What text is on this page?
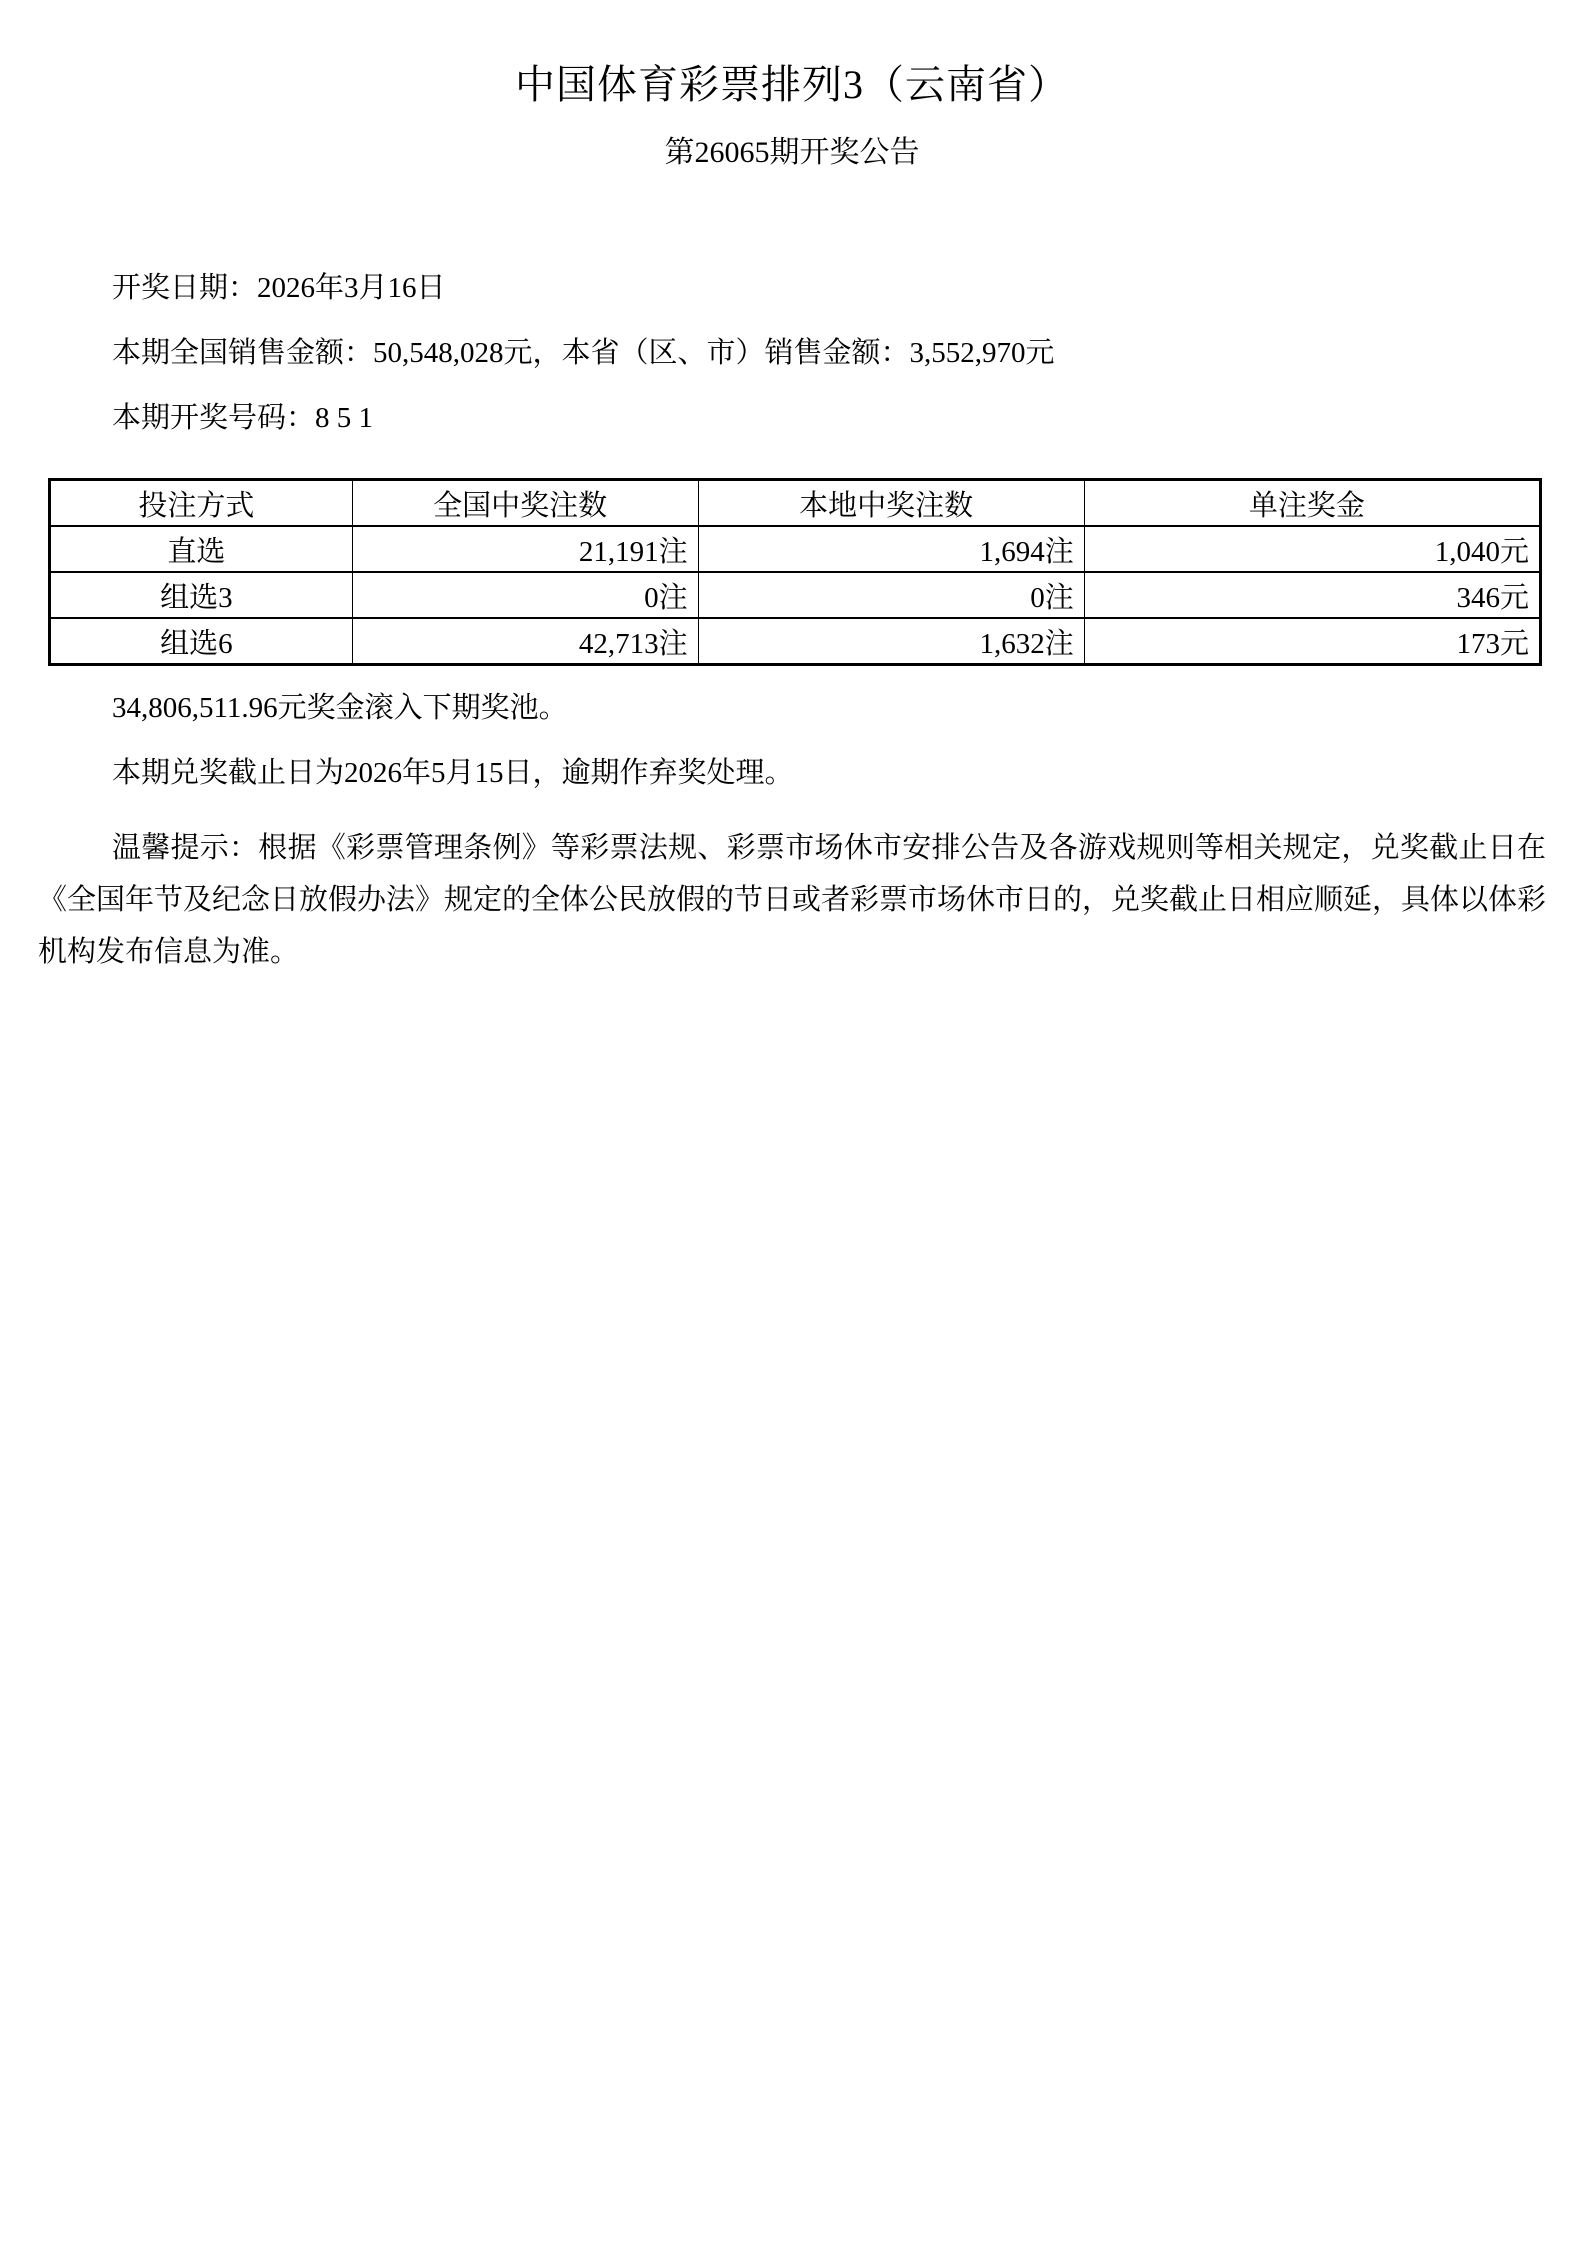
中国体育彩票排列3（云南省）
第26065期开奖公告

开奖日期：2026年3月16日

本期全国销售金额：50,548,028元，本省（区、市）销售金额：3,552,970元

本期开奖号码：8 5 1

投注方式	全国中奖注数	本地中奖注数	单注奖金
直选	21,191注	1,694注	1,040元
组选3	0注	0注	346元
组选6	42,713注	1,632注	173元

34,806,511.96元奖金滚入下期奖池。

本期兑奖截止日为2026年5月15日，逾期作弃奖处理。

温馨提示：根据《彩票管理条例》等彩票法规、彩票市场休市安排公告及各游戏规则等相关规定，兑奖截止日在《全国年节及纪念日放假办法》规定的全体公民放假的节日或者彩票市场休市日的，兑奖截止日相应顺延，具体以体彩机构发布信息为准。
